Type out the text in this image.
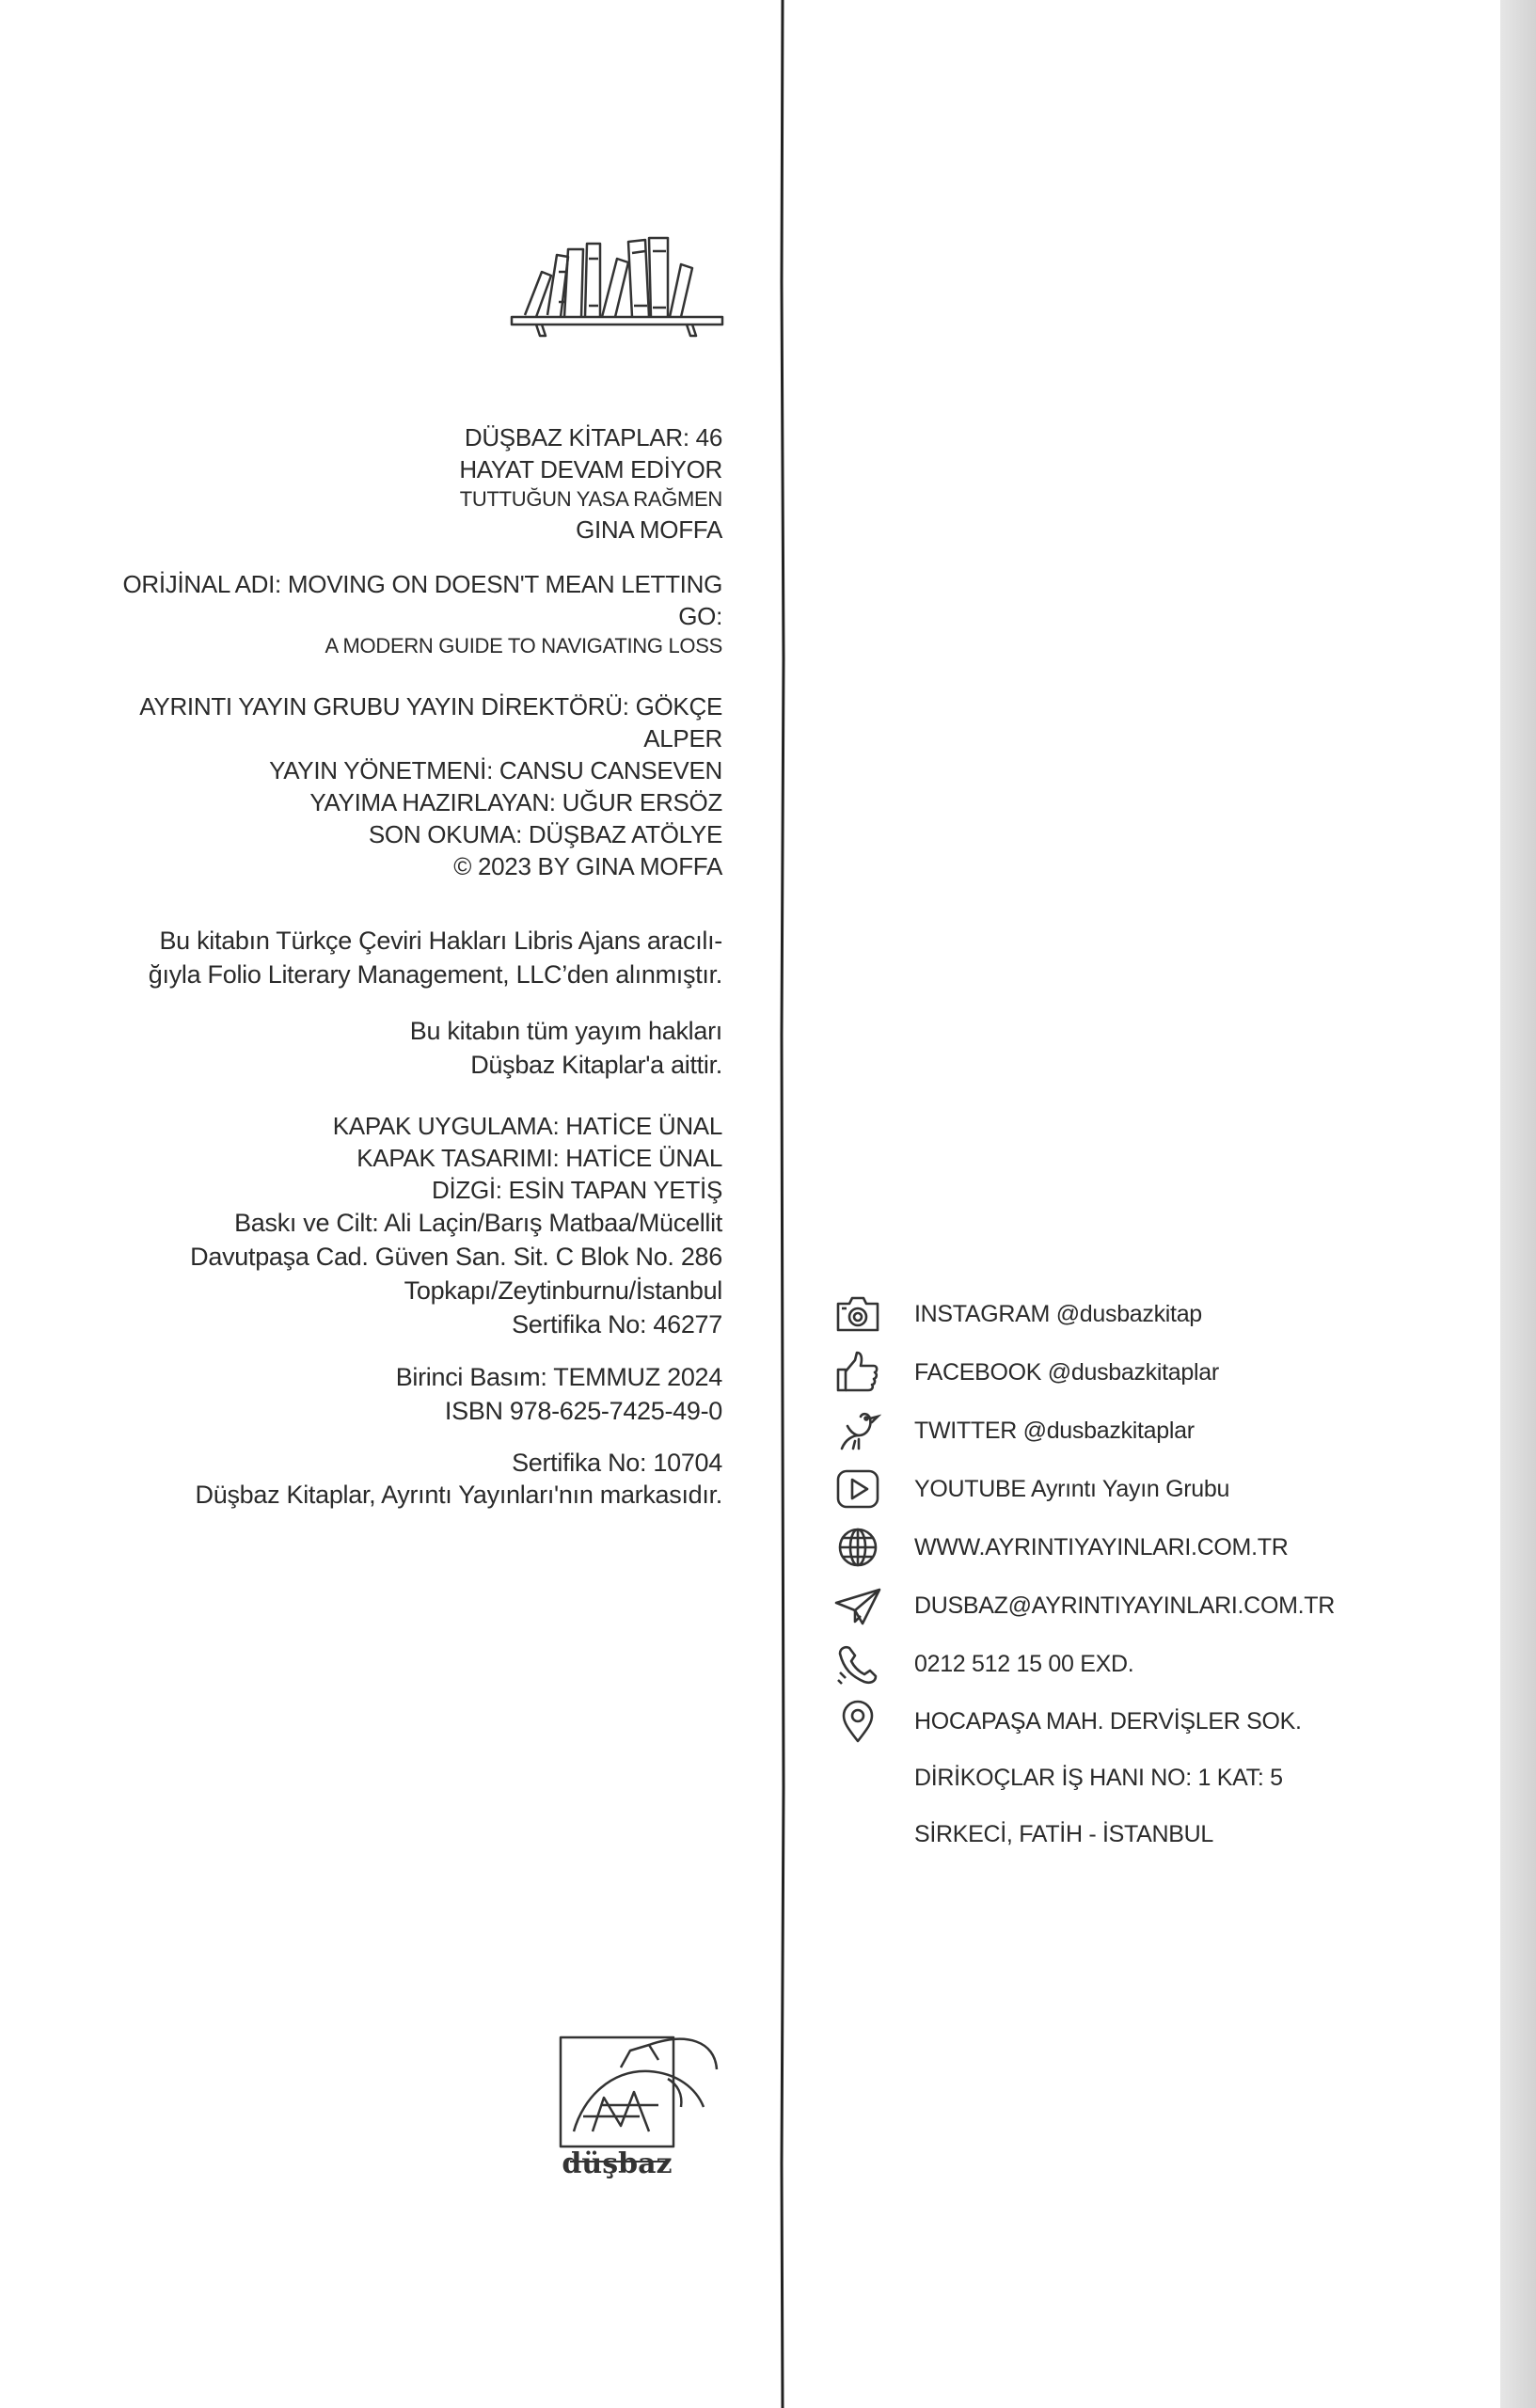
DÜŞBAZ KİTAPLAR: 46

HAYAT DEVAM EDİYOR

TUTTUĞUN YASA RAĞMEN

GINA MOFFA

ORİJİNAL ADI: MOVING ON DOESN'T MEAN LETTING GO:

A MODERN GUIDE TO NAVIGATING LOSS

AYRINTI YAYIN GRUBU YAYIN DİREKTÖRÜ: GÖKÇE ALPER

YAYIN YÖNETMENİ: CANSU CANSEVEN

YAYIMA HAZIRLAYAN: UĞUR ERSÖZ

SON OKUMA: DÜŞBAZ ATÖLYE

© 2023 BY GINA MOFFA

Bu kitabın Türkçe Çeviri Hakları Libris Ajans aracılı-

ğıyla Folio Literary Management, LLC’den alınmıştır.

Bu kitabın tüm yayım hakları

Düşbaz Kitaplar'a aittir.

KAPAK UYGULAMA: HATİCE ÜNAL

KAPAK TASARIMI: HATİCE ÜNAL

DİZGİ: ESİN TAPAN YETİŞ

Baskı ve Cilt: Ali Laçin/Barış Matbaa/Mücellit

Davutpaşa Cad. Güven San. Sit. C Blok No. 286

Topkapı/Zeytinburnu/İstanbul

Sertifika No: 46277

Birinci Basım: TEMMUZ 2024

ISBN 978-625-7425-49-0

Sertifika No: 10704

Düşbaz Kitaplar, Ayrıntı Yayınları'nın markasıdır.

INSTAGRAM @dusbazkitap
FACEBOOK @dusbazkitaplar
TWITTER @dusbazkitaplar
YOUTUBE Ayrıntı Yayın Grubu
WWW.AYRINTIYAYINLARI.COM.TR
DUSBAZ@AYRINTIYAYINLARI.COM.TR
0212 512 15 00 EXD.
HOCAPAŞA MAH. DERVİŞLER SOK.
DİRİKOÇLAR İŞ HANI NO: 1 KAT: 5
SİRKECİ, FATİH - İSTANBUL
düşbaz
